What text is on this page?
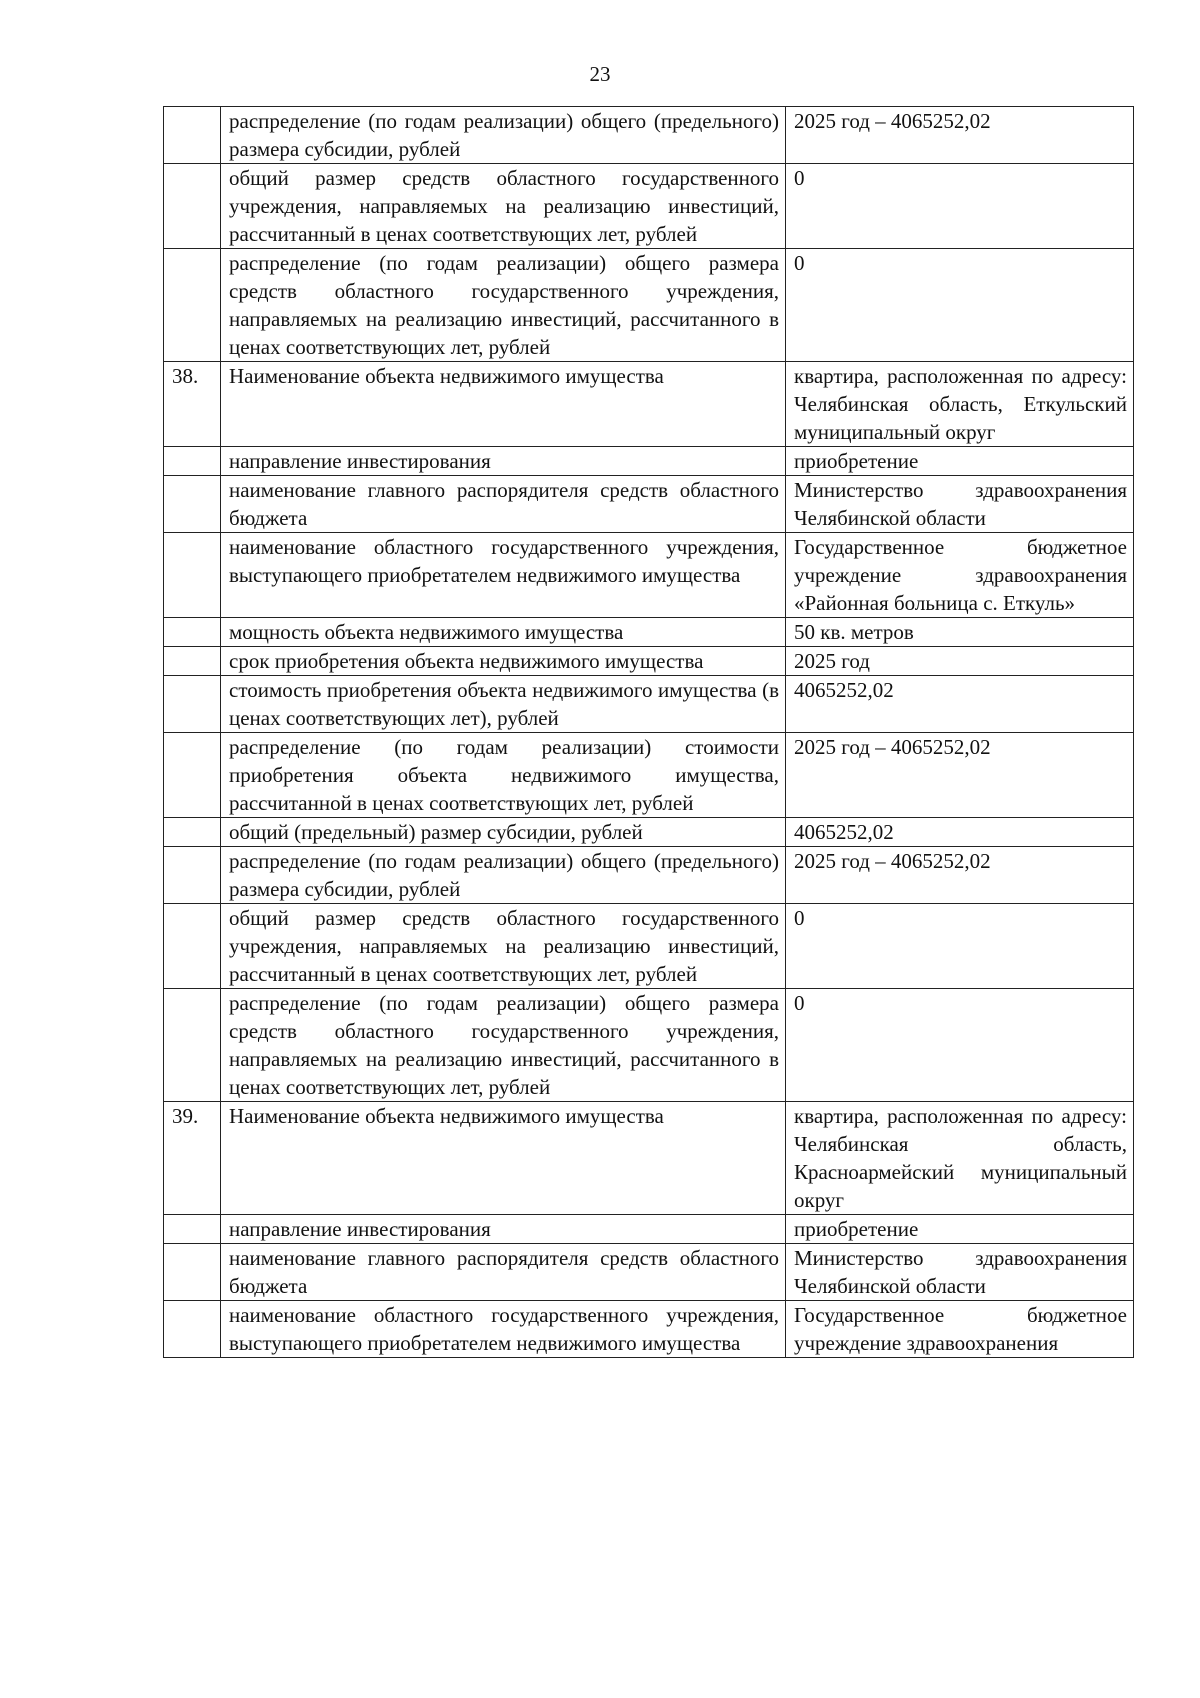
23
	распределение (по годам реализации) общего (предельного) размера субсидии, рублей	2025 год – 4065252,02
	общий размер средств областного государственного учреждения, направляемых на реализацию инвестиций, рассчитанный в ценах соответствующих лет, рублей	0
	распределение (по годам реализации) общего размера средств областного государственного учреждения, направляемых на реализацию инвестиций, рассчитанного в ценах соответствующих лет, рублей	0
38.	Наименование объекта недвижимого имущества	квартира, расположенная по адресу: Челябинская область, Еткульский муниципальный округ
	направление инвестирования	приобретение
	наименование главного распорядителя средств областного бюджета	Министерство здравоохранения Челябинской области
	наименование областного государственного учреждения, выступающего приобретателем недвижимого имущества	Государственное бюджетное учреждение здравоохранения «Районная больница с. Еткуль»
	мощность объекта недвижимого имущества	50 кв. метров
	срок приобретения объекта недвижимого имущества	2025 год
	стоимость приобретения объекта недвижимого имущества (в ценах соответствующих лет), рублей	4065252,02
	распределение (по годам реализации) стоимости приобретения объекта недвижимого имущества, рассчитанной в ценах соответствующих лет, рублей	2025 год – 4065252,02
	общий (предельный) размер субсидии, рублей	4065252,02
	распределение (по годам реализации) общего (предельного) размера субсидии, рублей	2025 год – 4065252,02
	общий размер средств областного государственного учреждения, направляемых на реализацию инвестиций, рассчитанный в ценах соответствующих лет, рублей	0
	распределение (по годам реализации) общего размера средств областного государственного учреждения, направляемых на реализацию инвестиций, рассчитанного в ценах соответствующих лет, рублей	0
39.	Наименование объекта недвижимого имущества	квартира, расположенная по адресу: Челябинская область, Красноармейский муниципальный округ
	направление инвестирования	приобретение
	наименование главного распорядителя средств областного бюджета	Министерство здравоохранения Челябинской области
	наименование областного государственного учреждения, выступающего приобретателем недвижимого имущества	Государственное бюджетное учреждение здравоохранения
